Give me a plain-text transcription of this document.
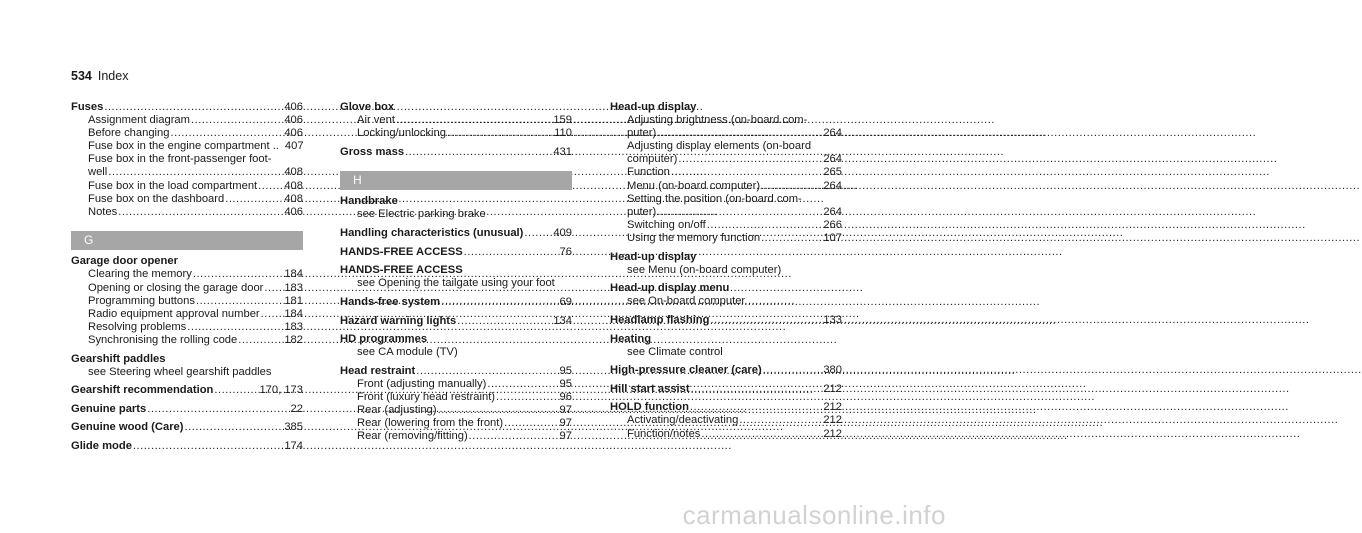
534 Index
Fuses .....	406
Assignment diagram .....	406
Before changing .....	406
Fuse box in the engine compartment .. 407
Fuse box in the front-passenger foot-
well .....	408
Fuse box in the load compartment ..... 408
Fuse box on the dashboard .....	408
Notes .....	406
G
Garage door opener
Clearing the memory .....	184
Opening or closing the garage door ..... 183
Programming buttons .....	181
Radio equipment approval number ..... 184
Resolving problems .....	183
Synchronising the rolling code .....	182
Gearshift paddles
see Steering wheel gearshift paddles
Gearshift recommendation .....	170, 173
Genuine parts .....	22
Genuine wood (Care) .....	385
Glide mode .....	174
Glove box
Air vent .....	159
Locking/unlocking .....	110
Gross mass .....	431
H
Handbrake
see Electric parking brake
Handling characteristics (unusual) .....	409
HANDS-FREE ACCESS .....	76
HANDS-FREE ACCESS
see Opening the tailgate using your foot
Hands-free system .....	69
Hazard warning lights .....	134
HD programmes
see CA module (TV)
Head restraint .....	95
Front (adjusting manually) .....	95
Front (luxury head restraint) .....	96
Rear (adjusting) .....	97
Rear (lowering from the front) .....	97
Rear (removing/fitting) .....	97
Head-up display
Adjusting brightness (on-board com-
puter) .....	264
Adjusting display elements (on-board
computer) .....	264
Function .....	265
Menu (on-board computer) .....	264
Setting the position (on-board com-
puter) .....	264
Switching on/off .....	266
Using the memory function .....	107
Head-up display
see Menu (on-board computer)
Head-up display menu
see On-board computer
Headlamp flashing .....	133
Heating
see Climate control
High-pressure cleaner (care) .....	380
Hill start assist .....	212
HOLD function .....	212
Activating/deactivating .....	212
Function/notes .....	212
carmanualsonline.info
